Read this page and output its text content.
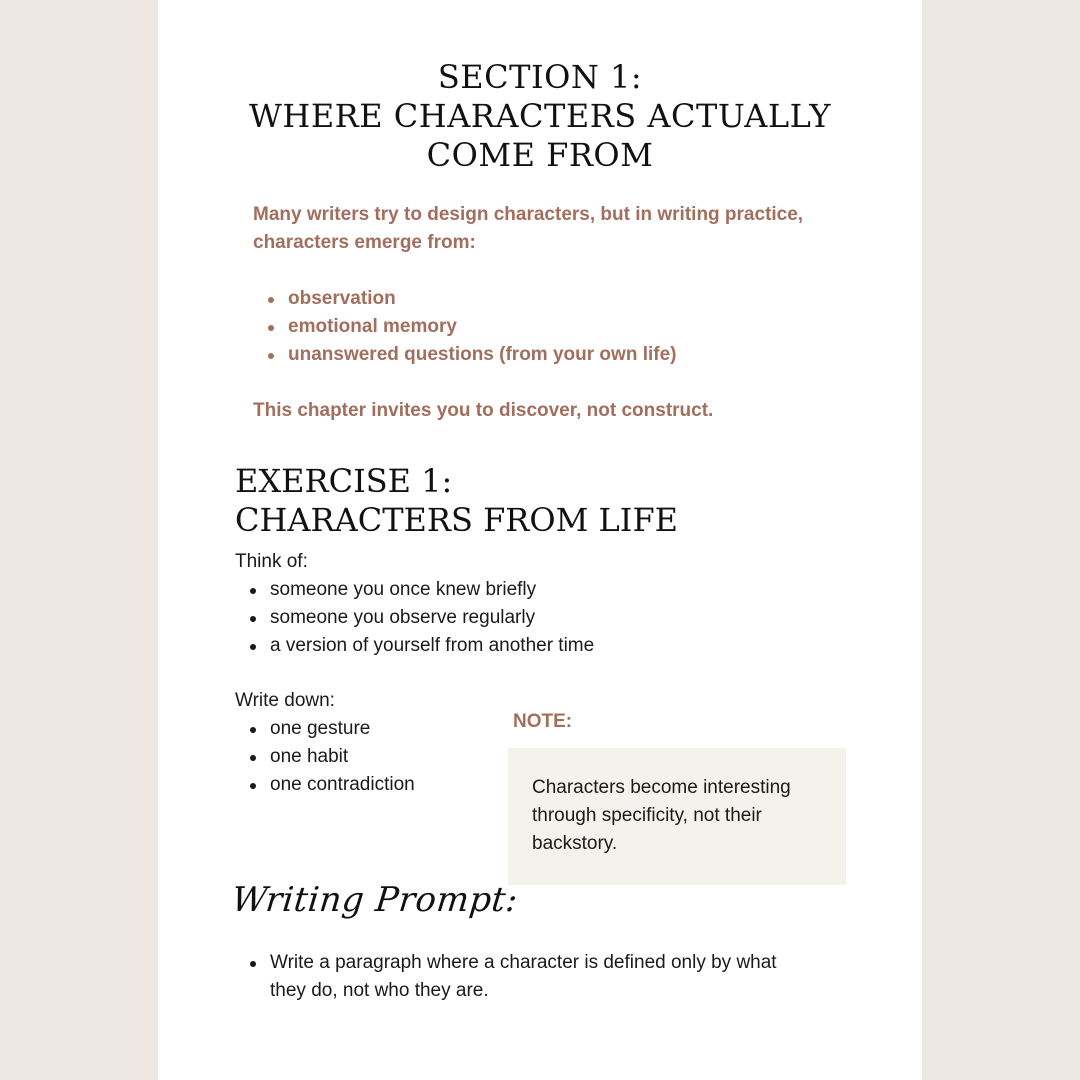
SECTION 1:
WHERE CHARACTERS ACTUALLY
COME FROM

Many writers try to design characters, but in writing practice, characters emerge from:

observation
emotional memory
unanswered questions (from your own life)

This chapter invites you to discover, not construct.

EXERCISE 1:
CHARACTERS FROM LIFE

Think of:

someone you once knew briefly
someone you observe regularly
a version of yourself from another time

Write down:

one gesture
one habit
one contradiction
NOTE:
Characters become interesting through specificity, not their backstory.
Writing Prompt:
Write a paragraph where a character is defined only by what they do, not who they are.
